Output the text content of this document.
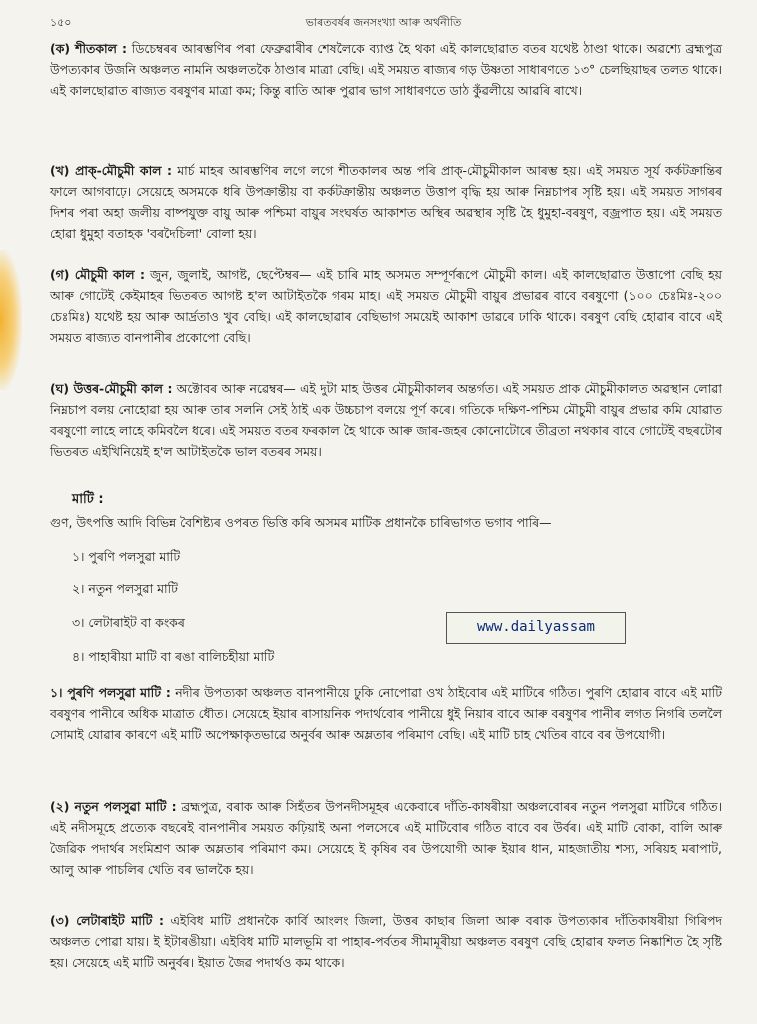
১৫০	ভাৰতবৰ্ষৰ জনসংখ্যা আৰু অৰ্থনীতি

(ক) শীতকাল : ডিচেম্বৰৰ আৰম্ভণিৰ পৰা ফেব্ৰুৱাৰীৰ শেষলৈকে ব্যাপ্ত হৈ থকা এই কালছোৱাত বতৰ যথেষ্ট ঠাণ্ডা থাকে। অৱশ্যে ব্ৰহ্মপুত্ৰ উপত্যকাৰ উজনি অঞ্চলত নামনি অঞ্চলতকৈ ঠাণ্ডাৰ মাত্ৰা বেছি। এই সময়ত ৰাজ্যৰ গড় উষ্ণতা সাধাৰণতে ১৩° চেলছিয়াছৰ তলত থাকে। এই কালছোৱাত ৰাজ্যত বৰষুণৰ মাত্ৰা কম; কিন্তু ৰাতি আৰু পুৱাৰ ভাগ সাধাৰণতে ডাঠ কুঁৱলীয়ে আৱৰি ৰাখে।

(খ) প্ৰাক্‌-মৌচুমী কাল : মাৰ্চ মাহৰ আৰম্ভণিৰ লগে লগে শীতকালৰ অন্ত পৰি প্ৰাক্‌-মৌচুমীকাল আৰম্ভ হয়। এই সময়ত সূৰ্য কৰ্কটক্ৰান্তিৰ ফালে আগবাঢ়ে। সেয়েহে অসমকে ধৰি উপক্ৰান্তীয় বা কৰ্কটক্ৰান্তীয় অঞ্চলত উত্তাপ বৃদ্ধি হয় আৰু নিম্নচাপৰ সৃষ্টি হয়। এই সময়ত সাগৰৰ দিশৰ পৰা অহা জলীয় বাষ্পযুক্ত বায়ু আৰু পশ্চিমা বায়ুৰ সংঘৰ্ষত আকাশত অস্থিৰ অৱস্থাৰ সৃষ্টি হৈ ধুমুহা-বৰষুণ, বজ্ৰপাত হয়। এই সময়ত হোৱা ধুমুহা বতাহক 'বৰদৈচিলা' বোলা হয়।

(গ) মৌচুমী কাল : জুন, জুলাই, আগষ্ট, ছেপ্টেম্বৰ— এই চাৰি মাহ অসমত সম্পূৰ্ণৰূপে মৌচুমী কাল। এই কালছোৱাত উত্তাপো বেছি হয় আৰু গোটেই কেইমাহৰ ভিতৰত আগষ্ট হ'ল আটাইতকৈ গৰম মাহ। এই সময়ত মৌচুমী বায়ুৰ প্ৰভাৱৰ বাবে বৰষুণো (১০০ চেঃমিঃ-২০০ চেঃমিঃ) যথেষ্ট হয় আৰু আৰ্দ্ৰতাও খুব বেছি। এই কালছোৱাৰ বেছিভাগ সময়েই আকাশ ডাৱৰে ঢাকি থাকে। বৰষুণ বেছি হোৱাৰ বাবে এই সময়ত ৰাজ্যত বানপানীৰ প্ৰকোপো বেছি।

(ঘ) উত্তৰ-মৌচুমী কাল : অক্টোবৰ আৰু নৱেম্বৰ— এই দুটা মাহ উত্তৰ মৌচুমীকালৰ অন্তৰ্গত। এই সময়ত প্ৰাক মৌচুমীকালত অৱস্থান লোৱা নিম্নচাপ বলয় নোহোৱা হয় আৰু তাৰ সলনি সেই ঠাই এক উচ্চচাপ বলয়ে পূৰ্ণ কৰে। গতিকে দক্ষিণ-পশ্চিম মৌচুমী বায়ুৰ প্ৰভাৱ কমি যোৱাত বৰষুণো লাহে লাহে কমিবলৈ ধৰে। এই সময়ত বতৰ ফৰকাল হৈ থাকে আৰু জাৰ-জহৰ কোনোটোৰে তীব্ৰতা নথকাৰ বাবে গোটেই বছৰটোৰ ভিতৰত এইখিনিয়েই হ'ল আটাইতকৈ ভাল বতৰৰ সময়।

মাটি :

গুণ, উৎপত্তি আদি বিভিন্ন বৈশিষ্ট্যৰ ওপৰত ভিত্তি কৰি অসমৰ মাটিক প্ৰধানকৈ চাৰিভাগত ভগাব পাৰি—

১। পুৰণি পলসুৱা মাটি
২। নতুন পলসুৱা মাটি
৩। লেটাৰাইট বা কংকৰ
৪। পাহাৰীয়া মাটি বা ৰঙা বালিচহীয়া মাটি
www.dailyassam

১। পুৰণি পলসুৱা মাটি : নদীৰ উপত্যকা অঞ্চলত বানপানীয়ে ঢুকি নোপোৱা ওখ ঠাইবোৰ এই মাটিৰে গঠিত। পুৰণি হোৱাৰ বাবে এই মাটি বৰষুণৰ পানীৰে অধিক মাত্ৰাত ধৌত। সেয়েহে ইয়াৰ ৰাসায়নিক পদাৰ্থবোৰ পানীয়ে ধুই নিয়াৰ বাবে আৰু বৰষুণৰ পানীৰ লগত নিগৰি তললৈ সোমাই যোৱাৰ কাৰণে এই মাটি অপেক্ষাকৃতভাৱে অনুৰ্বৰ আৰু অম্লতাৰ পৰিমাণ বেছি। এই মাটি চাহ খেতিৰ বাবে বৰ উপযোগী।

(২) নতুন পলসুৱা মাটি : ব্ৰহ্মপুত্ৰ, বৰাক আৰু সিহঁতৰ উপনদীসমূহৰ একেবাৰে দাঁতি-কাষৰীয়া অঞ্চলবোৰৰ নতুন পলসুৱা মাটিৰে গঠিত। এই নদীসমূহে প্ৰত্যেক বছৰেই বানপানীৰ সময়ত কঢ়িয়াই অনা পলসেৰে এই মাটিবোৰ গঠিত বাবে বৰ উৰ্বৰ। এই মাটি বোকা, বালি আৰু জৈৱিক পদাৰ্থৰ সংমিশ্ৰণ আৰু অম্লতাৰ পৰিমাণ কম। সেয়েহে ই কৃষিৰ বৰ উপযোগী আৰু ইয়াৰ ধান, মাহজাতীয় শস্য, সৰিয়হ মৰাপাট, আলু আৰু পাচলিৰ খেতি বৰ ভালকৈ হয়।

(৩) লেটাৰাইট মাটি : এইবিধ মাটি প্ৰধানকৈ কাৰ্বি আংলং জিলা, উত্তৰ কাছাৰ জিলা আৰু বৰাক উপত্যকাৰ দাঁতিকাষৰীয়া গিৰিপদ অঞ্চলত পোৱা যায়। ই ইটাৰঙীয়া। এইবিধ মাটি মালভূমি বা পাহাৰ-পৰ্বতৰ সীমামূৰীয়া অঞ্চলত বৰষুণ বেছি হোৱাৰ ফলত নিষ্কাশিত হৈ সৃষ্টি হয়। সেয়েহে এই মাটি অনুৰ্বৰ। ইয়াত জৈৱ পদাৰ্থও কম থাকে।
